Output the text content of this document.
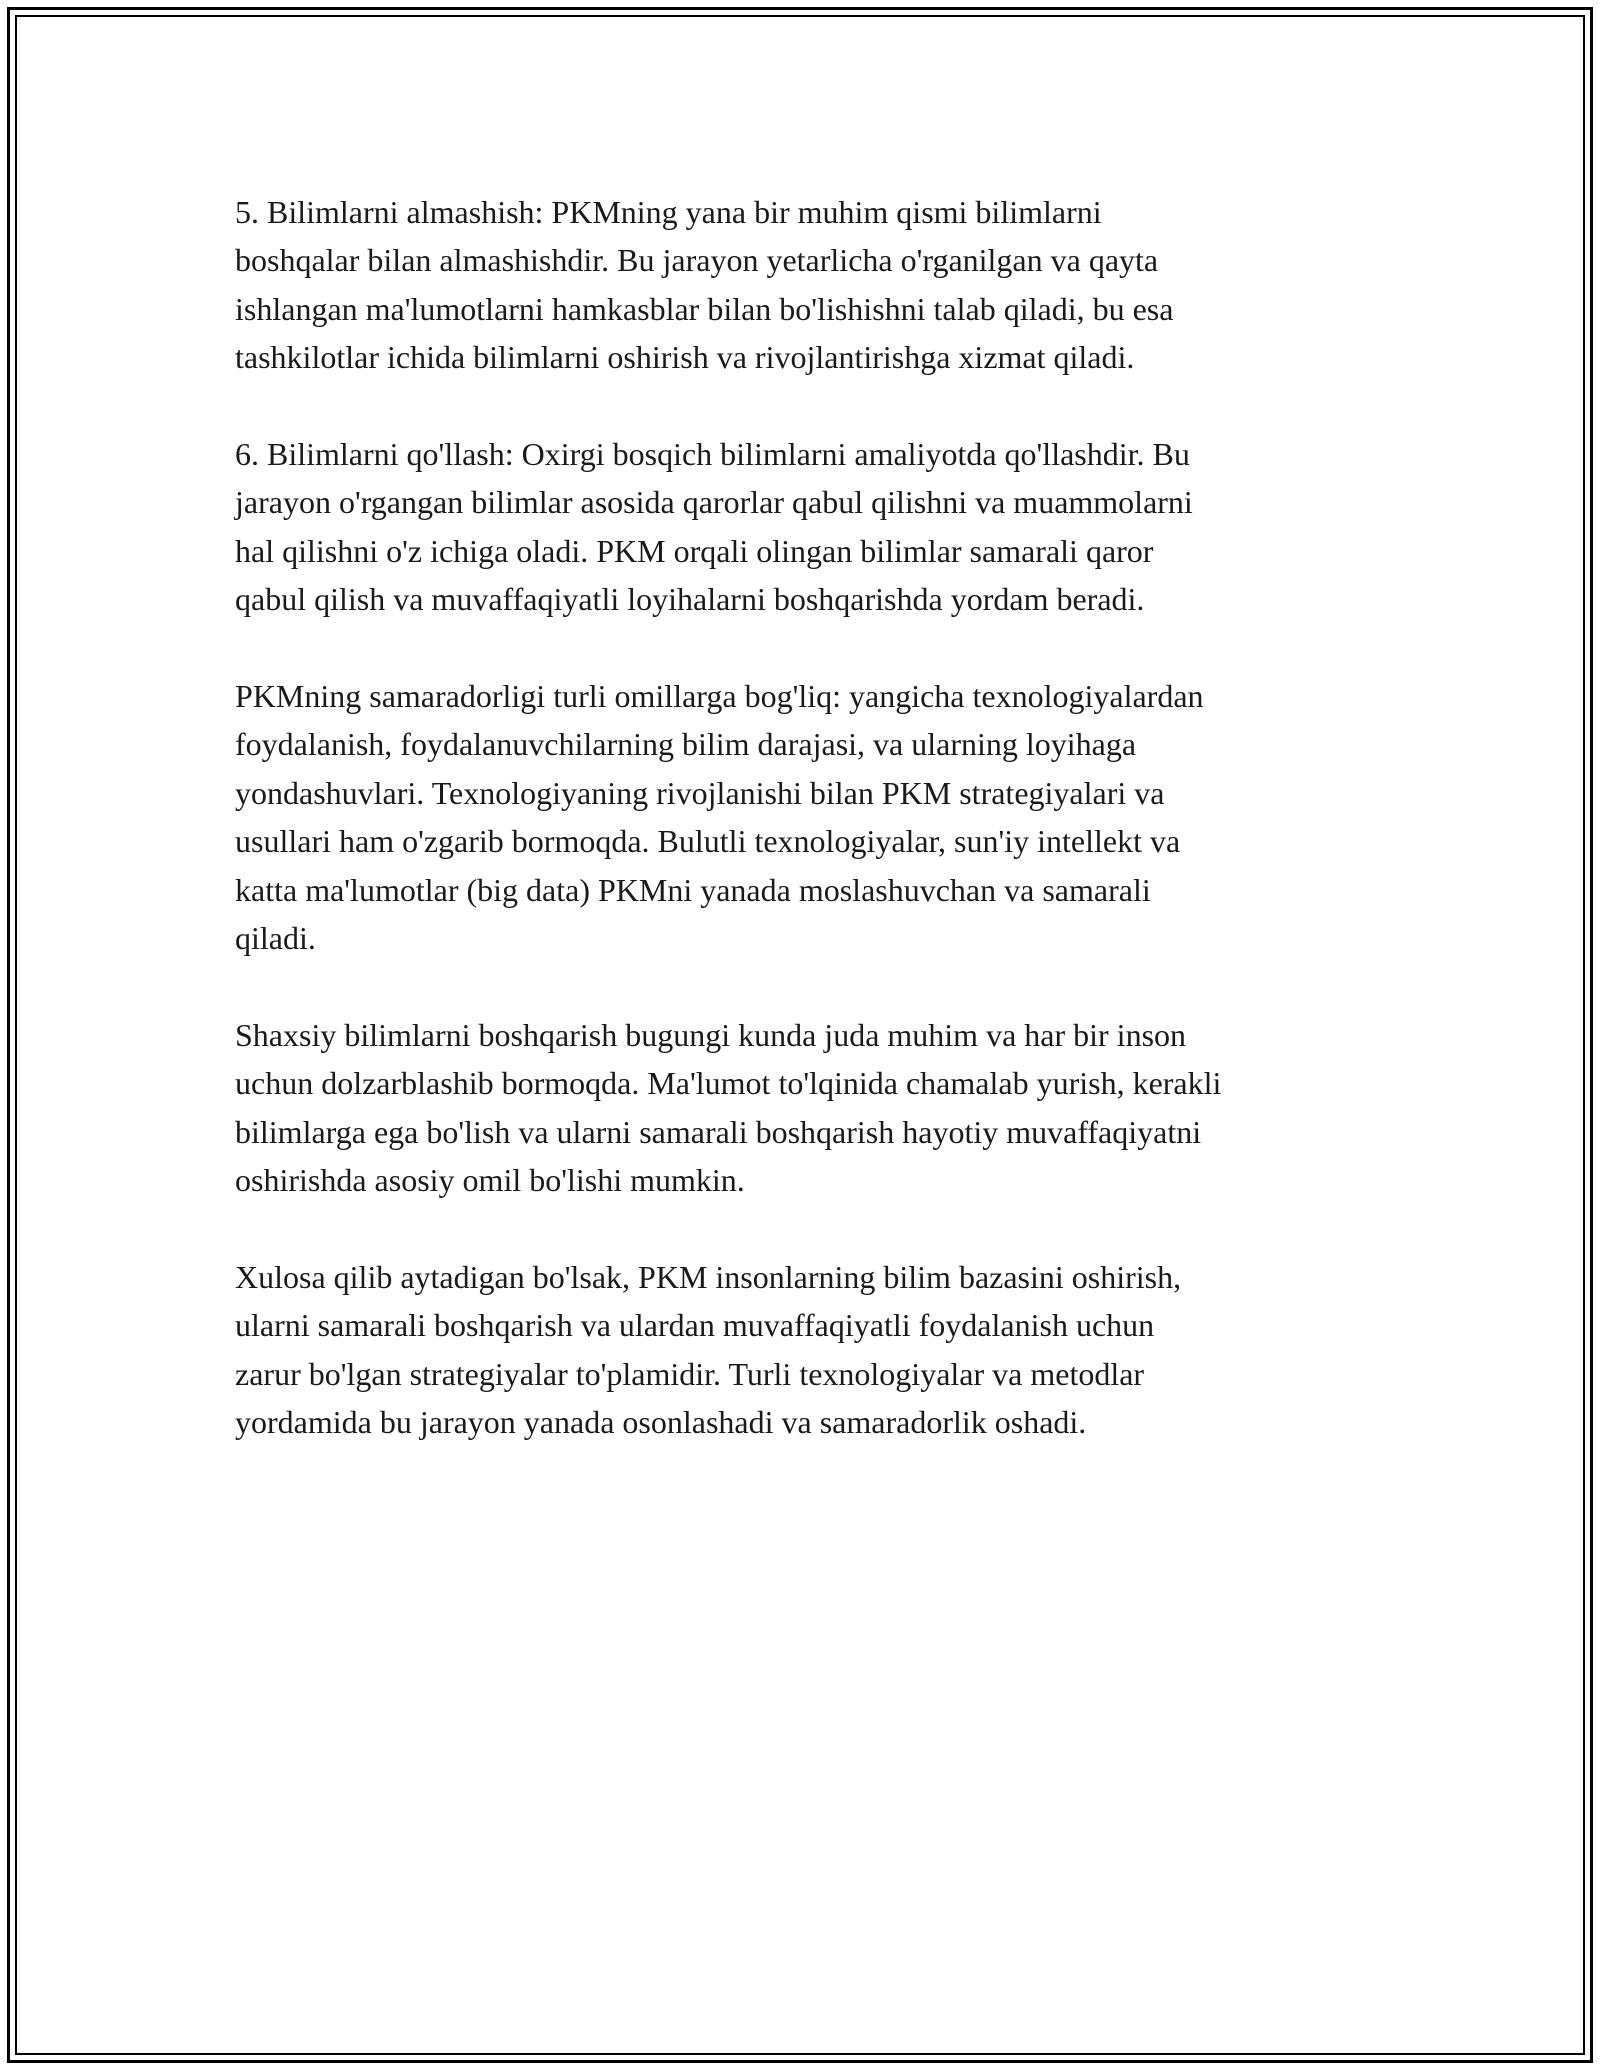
5. Bilimlarni almashish: PKMning yana bir muhim qismi bilimlarni
boshqalar bilan almashishdir. Bu jarayon yetarlicha o'rganilgan va qayta
ishlangan ma'lumotlarni hamkasblar bilan bo'lishishni talab qiladi, bu esa
tashkilotlar ichida bilimlarni oshirish va rivojlantirishga xizmat qiladi.

6. Bilimlarni qo'llash: Oxirgi bosqich bilimlarni amaliyotda qo'llashdir. Bu
jarayon o'rgangan bilimlar asosida qarorlar qabul qilishni va muammolarni
hal qilishni o'z ichiga oladi. PKM orqali olingan bilimlar samarali qaror
qabul qilish va muvaffaqiyatli loyihalarni boshqarishda yordam beradi.

PKMning samaradorligi turli omillarga bog'liq: yangicha texnologiyalardan
foydalanish, foydalanuvchilarning bilim darajasi, va ularning loyihaga
yondashuvlari. Texnologiyaning rivojlanishi bilan PKM strategiyalari va
usullari ham o'zgarib bormoqda. Bulutli texnologiyalar, sun'iy intellekt va
katta ma'lumotlar (big data) PKMni yanada moslashuvchan va samarali
qiladi.

Shaxsiy bilimlarni boshqarish bugungi kunda juda muhim va har bir inson
uchun dolzarblashib bormoqda. Ma'lumot to'lqinida chamalab yurish, kerakli
bilimlarga ega bo'lish va ularni samarali boshqarish hayotiy muvaffaqiyatni
oshirishda asosiy omil bo'lishi mumkin.

Xulosa qilib aytadigan bo'lsak, PKM insonlarning bilim bazasini oshirish,
ularni samarali boshqarish va ulardan muvaffaqiyatli foydalanish uchun
zarur bo'lgan strategiyalar to'plamidir. Turli texnologiyalar va metodlar
yordamida bu jarayon yanada osonlashadi va samaradorlik oshadi.
